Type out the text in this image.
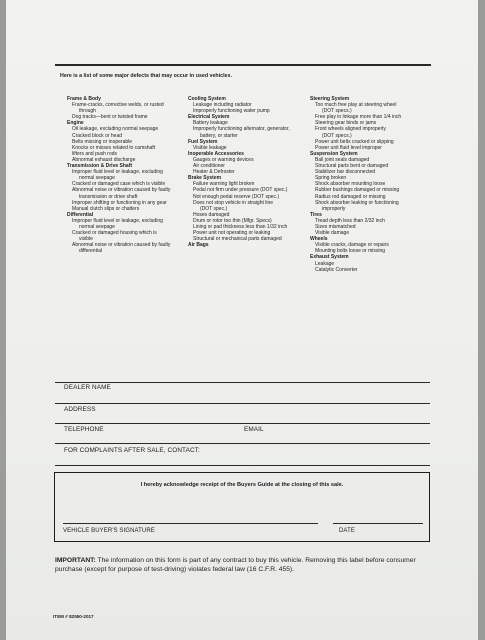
Here is a list of some major defects that may occur in used vehicles.
Frame & Body
Frame-cracks, corrective welds, or rusted
through
Dog tracks—bent or twisted frame
Engine
Oil leakage, excluding normal seepage
Cracked block or head
Belts missing or inoperable
Knocks or misses related to camshaft
lifters and push rods
Abnormal exhaust discharge
Transmission & Drive Shaft
Improper fluid level or leakage, excluding
normal seepage
Cracked or damaged case which is visible
Abnormal noise or vibration caused by faulty
transmission or drive shaft
Improper shifting or functioning in any gear
Manual clutch slips or chatters
Differential
Improper fluid level or leakage, excluding
normal seepage
Cracked or damaged housing which is
visible
Abnormal noise or vibration caused by faulty
differential
Cooling System
Leakage including radiator
Improperly functioning water pump
Electrical System
Battery leakage
Improperly functioning alternator, generator,
battery, or starter
Fuel System
Visible leakage
Inoperable Accessories
Gauges or warning devices
Air conditioner
Heater & Defroster
Brake System
Failure warning light broken
Pedal not firm under pressure (DOT spec.)
Not enough pedal reserve (DOT spec.)
Does not stop vehicle in straight line
(DOT spec.)
Hoses damaged
Drum or rotor too thin (Mfgr. Specs)
Lining or pad thickness less than 1/32 inch
Power unit not operating or leaking
Structural or mechanical parts damaged
Air Bags
Steering System
Too much free play at steering wheel
(DOT specs.)
Free play in linkage more than 1/4 inch
Steering gear binds or jams
Front wheels aligned improperly
(DOT specs.)
Power unit belts cracked or slipping
Power unit fluid level improper
Suspension System
Ball joint seals damaged
Structural parts bent or damaged
Stabilizer bar disconnected
Spring broken
Shock absorber mounting loose
Rubber bushings damaged or missing
Radius rod damaged or missing
Shock absorber leaking or functioning
improperly
Tires
Tread depth less than 2/32 inch
Sizes mismatched
Visible damage
Wheels
Visible cracks, damage or repairs
Mounting bolts loose or missing
Exhaust System
Leakage
Catalytic Converter
DEALER NAME
ADDRESS
TELEPHONE	EMAIL
FOR COMPLAINTS AFTER SALE, CONTACT:
I hereby acknowledge receipt of the Buyers Guide at the closing of this sale.
VEHICLE BUYER'S SIGNATURE	DATE
IMPORTANT: The information on this form is part of any contract to buy this vehicle. Removing this label before consumer purchase (except for purpose of test-driving) violates federal law (16 C.F.R. 455).
ITEM # 82550-2017
